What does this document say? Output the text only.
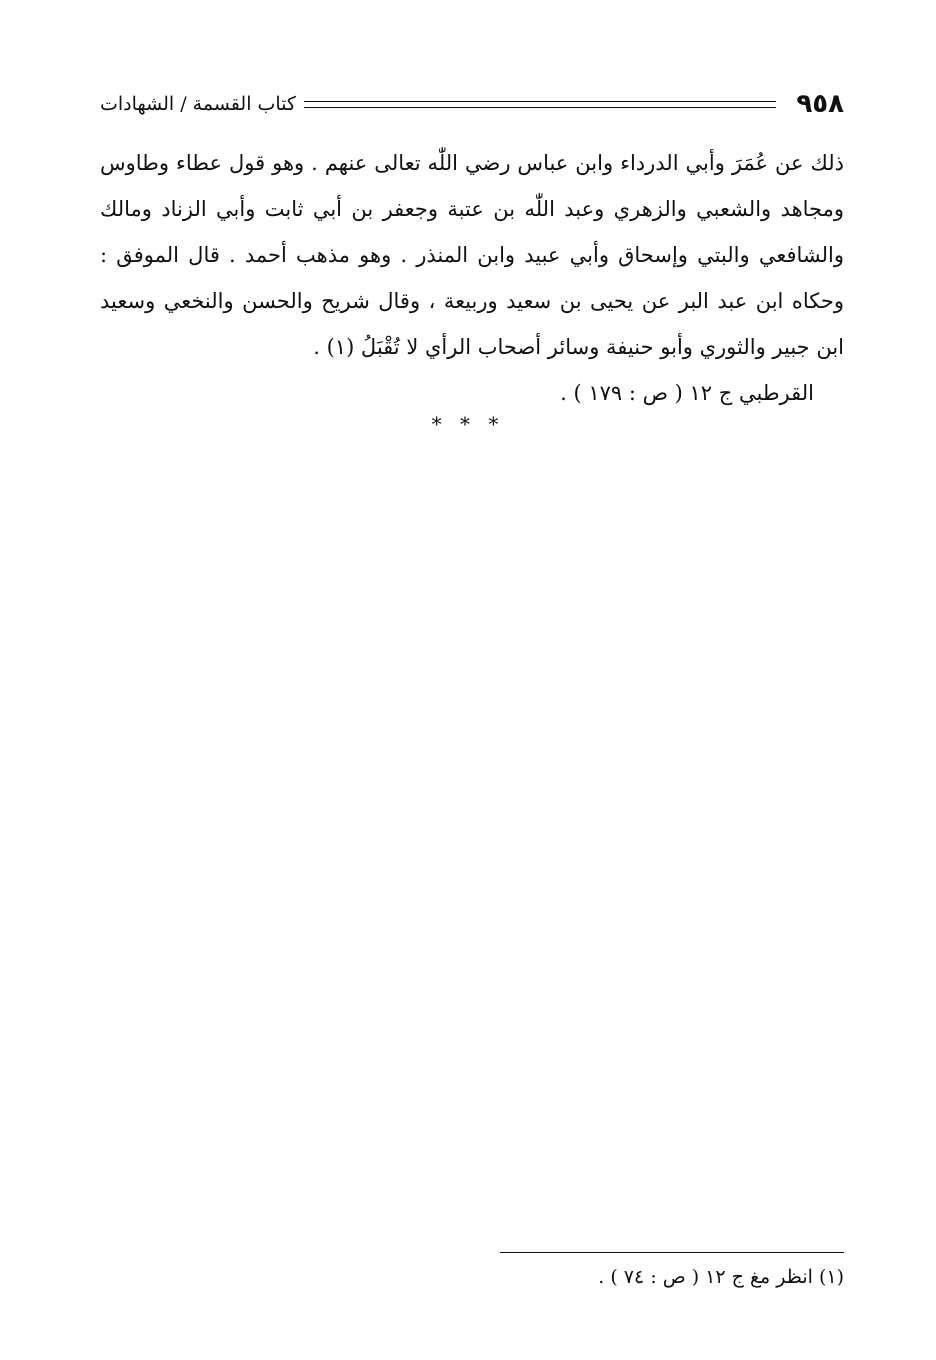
٩٥٨
كتاب القسمة / الشهادات
ذلك عن عُمَرَ وأبي الدرداء وابن عباس رضي اللّٰه تعالى عنهم . وهو قول عطاء وطاوس
ومجاهد والشعبي والزهري وعبد اللّٰه بن عتبة وجعفر بن أبي ثابت وأبي الزناد ومالك
والشافعي والبتي وإسحاق وأبي عبيد وابن المنذر . وهو مذهب أحمد . قال الموفق :
وحكاه ابن عبد البر عن يحيى بن سعيد وربيعة ، وقال شريح والحسن والنخعي وسعيد
ابن جبير والثوري وأبو حنيفة وسائر أصحاب الرأي لا تُقْبَلُ (١) .
القرطبي ج ١٢ ( ص : ١٧٩ ) .
* * *
(١) انظر مغ ج ١٢ ( ص : ٧٤ ) .
